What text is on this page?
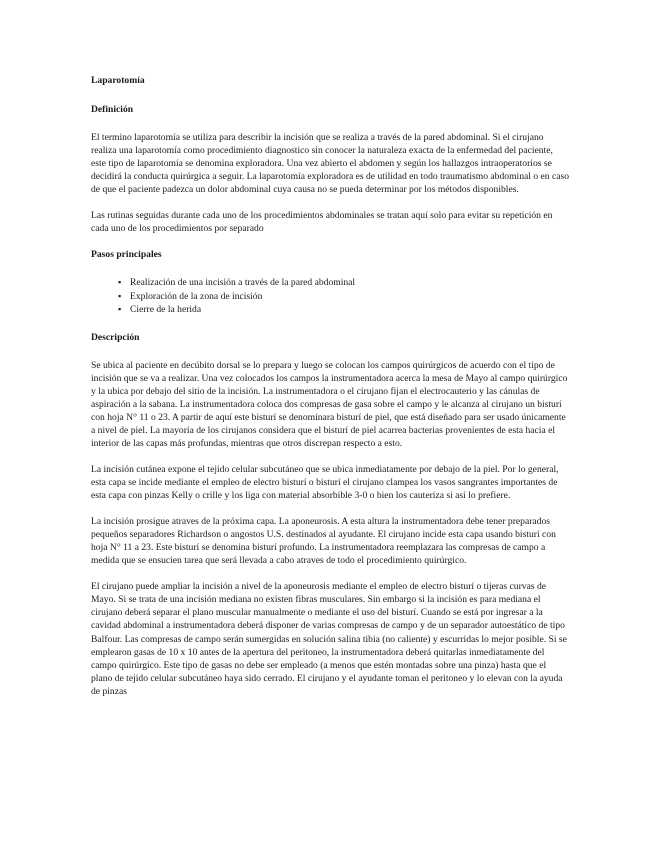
Laparotomía
Definición

El termino laparotomía se utiliza para describir la incisión que se realiza a través de la pared abdominal. Si el cirujano realiza una laparotomía como procedimiento diagnostico sin conocer la naturaleza exacta de la enfermedad del paciente, este tipo de laparotomía se denomina exploradora. Una vez abierto el abdomen y según los hallazgos intraoperatorios se decidirá la conducta quirúrgica a seguir. La laparotomía exploradora es de utilidad en todo traumatismo abdominal o en caso de que el paciente padezca un dolor abdominal cuya causa no se pueda determinar por los métodos disponibles.

Las rutinas seguidas durante cada uno de los procedimientos abdominales se tratan aquí solo para evitar su repetición en cada uno de los procedimientos por separado

Pasos principales
▪ Realización de una incisión a través de la pared abdominal
▪ Exploración de la zona de incisión
▪ Cierre de la herida
Descripción

Se ubica al paciente en decúbito dorsal se lo prepara y luego se colocan los campos quirúrgicos de acuerdo con el tipo de incisión que se va a realizar. Una vez colocados los campos la instrumentadora acerca la mesa de Mayo al campo quirúrgico y la ubica por debajo del sitio de la incisión. La instrumentadora o el cirujano fijan el electrocauterio y las cánulas de aspiración a la sabana. La instrumentadora coloca dos compresas de gasa sobre el campo y le alcanza al cirujano un bisturí con hoja N° 11 o 23. A partir de aquí este bisturí se denominara bisturí de piel, que está diseñado para ser usado únicamente a nivel de piel. La mayoría de los cirujanos considera que el bisturí de piel acarrea bacterias provenientes de esta hacia el interior de las capas más profundas, mientras que otros discrepan respecto a esto.

La incisión cutánea expone el tejido celular subcutáneo que se ubica inmediatamente por debajo de la piel. Por lo general, esta capa se incide mediante el empleo de electro bisturí o bisturí el cirujano clampea los vasos sangrantes importantes de esta capa con pinzas Kelly o crille y los liga con material absorbible 3-0 o bien los cauteriza si así lo prefiere.

La incisión prosigue atraves de la próxima capa. La aponeurosis. A esta altura la instrumentadora debe tener preparados pequeños separadores Richardson o angostos U.S. destinados al ayudante. El cirujano incide esta capa usando bisturí con hoja N° 11 a 23. Este bisturí se denomina bisturí profundo. La instrumentadora reemplazara las compresas de campo a medida que se ensucien tarea que será llevada a cabo atraves de todo el procedimiento quirúrgico.

El cirujano puede ampliar la incisión a nivel de la aponeurosis mediante el empleo de electro bisturí o tijeras curvas de Mayo. Si se trata de una incisión mediana no existen fibras musculares. Sin embargo si la incisión es para mediana el cirujano deberá separar el plano muscular manualmente o mediante el uso del bisturí. Cuando se está por ingresar a la cavidad abdominal a instrumentadora deberá disponer de varias compresas de campo y de un separador autoestático de tipo Balfour. Las compresas de campo serán sumergidas en solución salina tibia (no caliente) y escurridas lo mejor posible. Si se emplearon gasas de 10 x 10 antes de la apertura del peritoneo, la instrumentadora deberá quitarlas inmediatamente del campo quirúrgico. Este tipo de gasas no debe ser empleado (a menos que estén montadas sobre una pinza) hasta que el plano de tejido celular subcutáneo haya sido cerrado. El cirujano y el ayudante toman el peritoneo y lo elevan con la ayuda de pinzas
